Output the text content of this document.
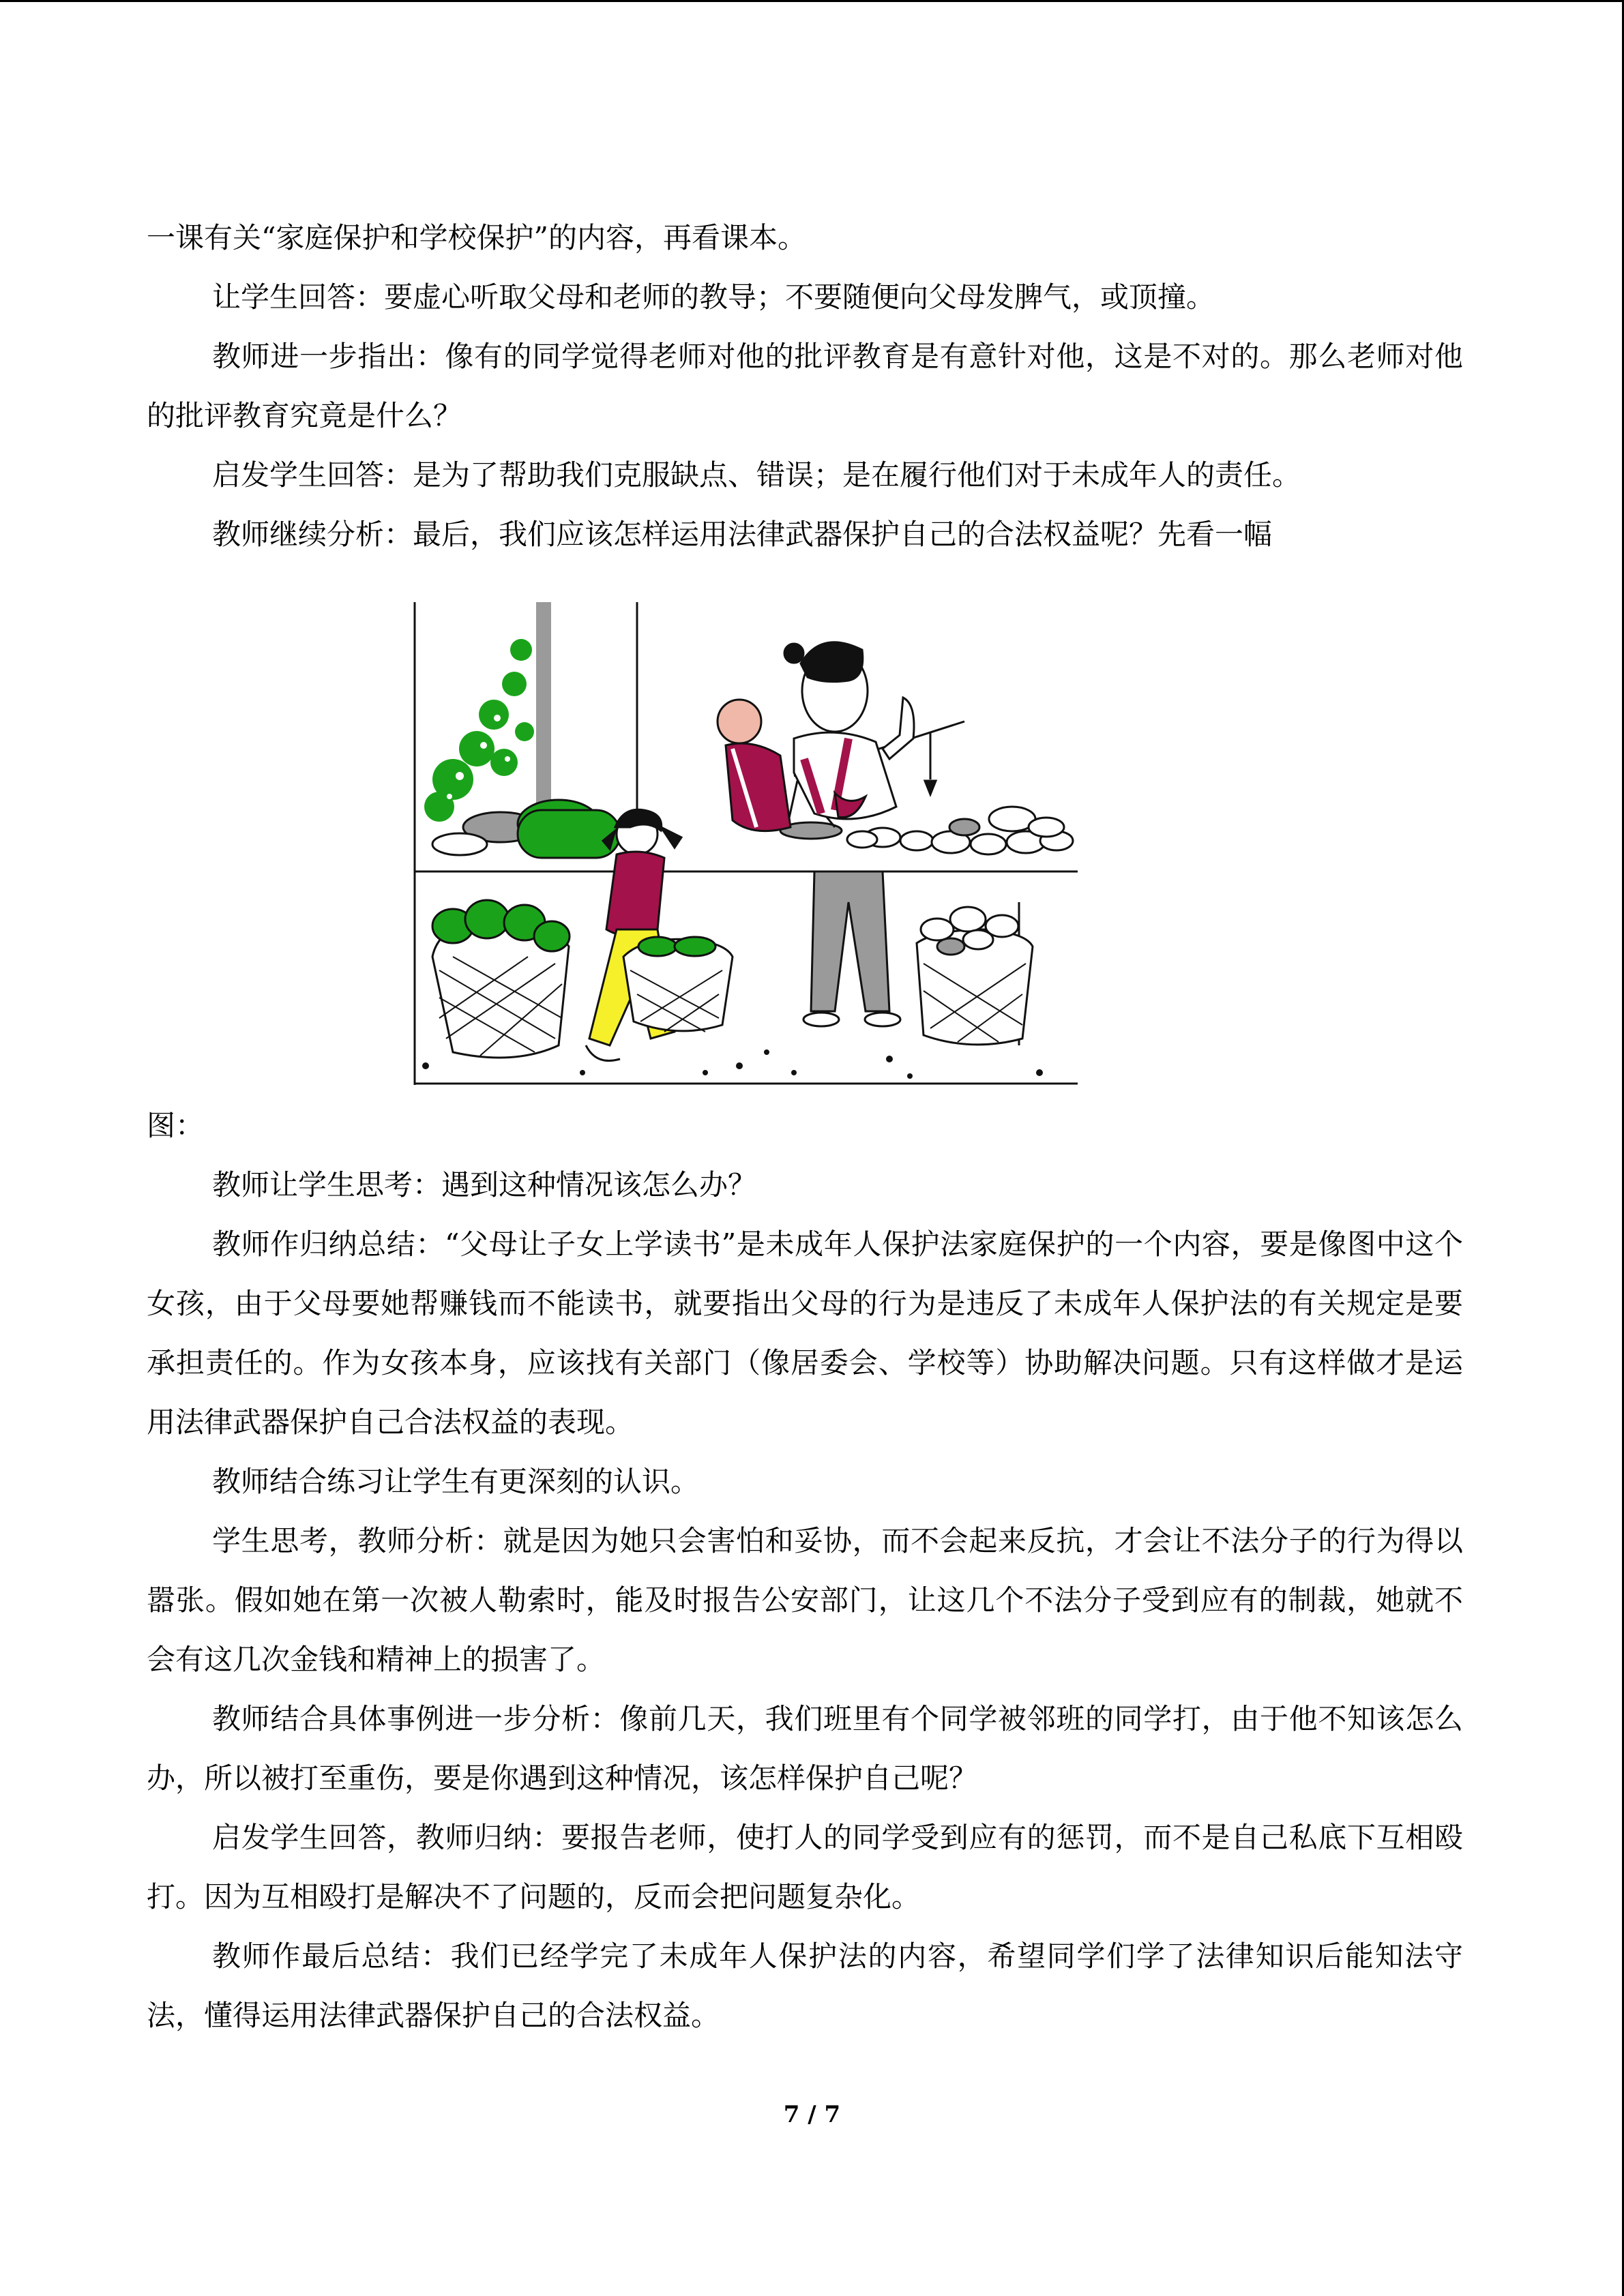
一课有关“家庭保护和学校保护”的内容，再看课本。

让学生回答：要虚心听取父母和老师的教导；不要随便向父母发脾气，或顶撞。

教师进一步指出：像有的同学觉得老师对他的批评教育是有意针对他，这是不对的。那么老师对他的批评教育究竟是什么？

启发学生回答：是为了帮助我们克服缺点、错误；是在履行他们对于未成年人的责任。

教师继续分析：最后，我们应该怎样运用法律武器保护自己的合法权益呢？先看一幅

图：

教师让学生思考：遇到这种情况该怎么办？

教师作归纳总结：“父母让子女上学读书”是未成年人保护法家庭保护的一个内容，要是像图中这个女孩，由于父母要她帮赚钱而不能读书，就要指出父母的行为是违反了未成年人保护法的有关规定是要承担责任的。作为女孩本身，应该找有关部门（像居委会、学校等）协助解决问题。只有这样做才是运用法律武器保护自己合法权益的表现。

教师结合练习让学生有更深刻的认识。

学生思考，教师分析：就是因为她只会害怕和妥协，而不会起来反抗，才会让不法分子的行为得以嚣张。假如她在第一次被人勒索时，能及时报告公安部门，让这几个不法分子受到应有的制裁，她就不会有这几次金钱和精神上的损害了。

教师结合具体事例进一步分析：像前几天，我们班里有个同学被邻班的同学打，由于他不知该怎么办，所以被打至重伤，要是你遇到这种情况，该怎样保护自己呢？

启发学生回答，教师归纳：要报告老师，使打人的同学受到应有的惩罚，而不是自己私底下互相殴打。因为互相殴打是解决不了问题的，反而会把问题复杂化。

教师作最后总结：我们已经学完了未成年人保护法的内容，希望同学们学了法律知识后能知法守法，懂得运用法律武器保护自己的合法权益。

7 / 7
